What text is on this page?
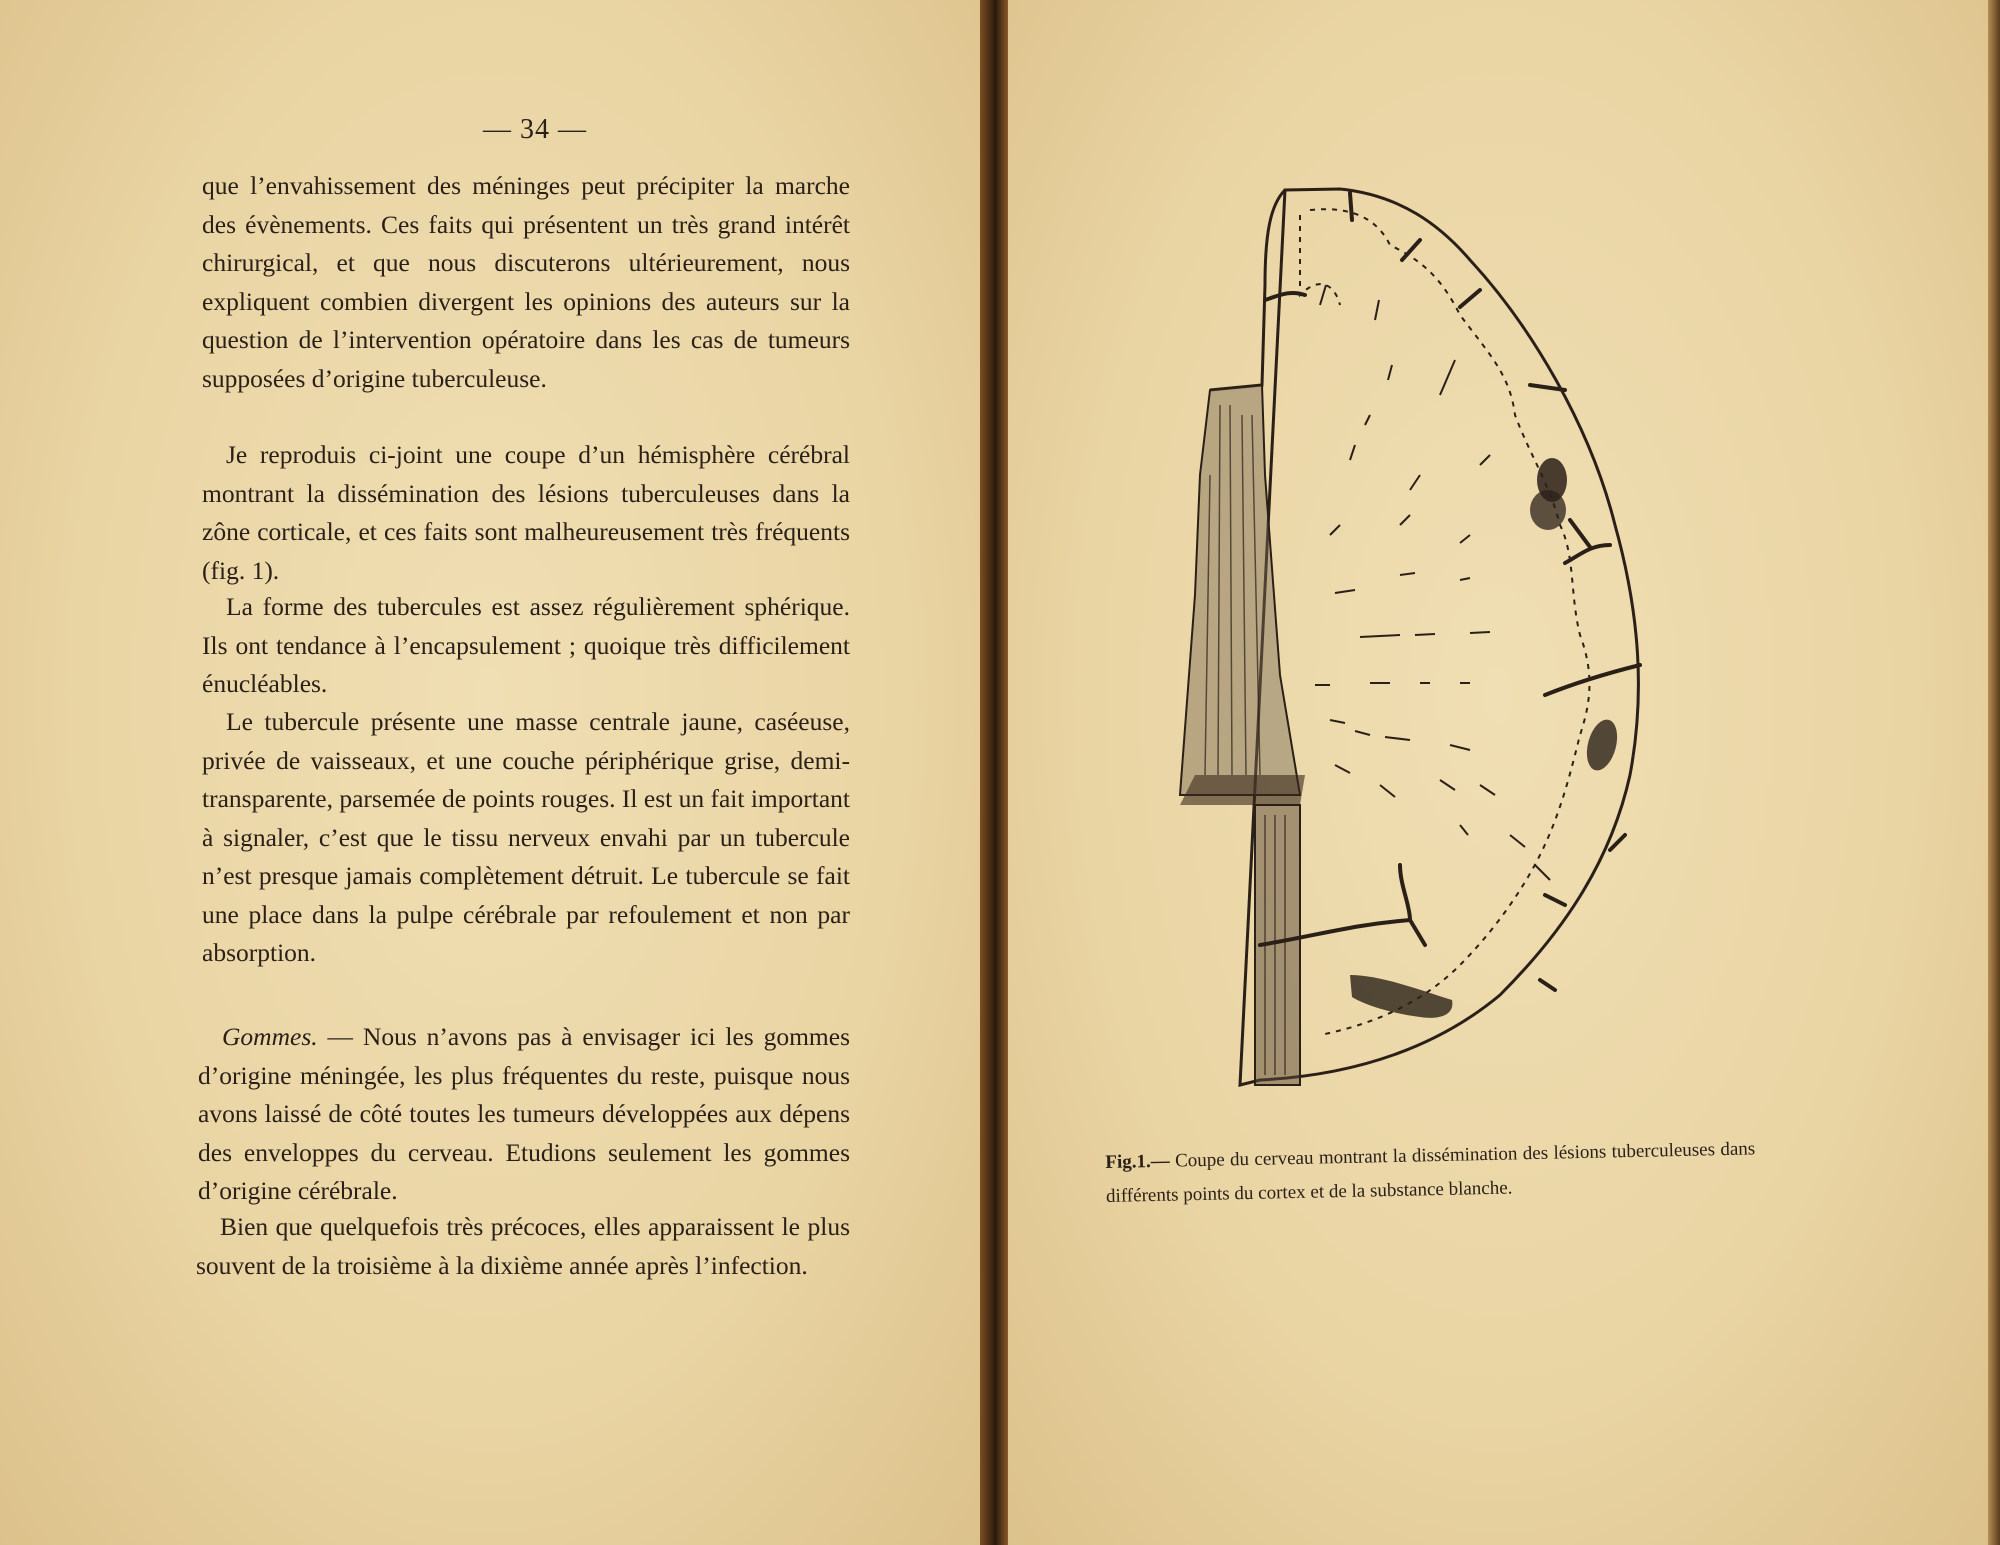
— 34 —

que l’envahissement des méninges peut précipiter la marche des évènements. Ces faits qui présentent un très grand intérêt chirurgical, et que nous discuterons ultérieurement, nous expliquent combien divergent les opinions des auteurs sur la question de l’intervention opératoire dans les cas de tumeurs supposées d’origine tuberculeuse.

Je reproduis ci-joint une coupe d’un hémisphère cérébral montrant la dissémination des lésions tuberculeuses dans la zône corticale, et ces faits sont malheureusement très fréquents (fig. 1).

La forme des tubercules est assez régulièrement sphérique. Ils ont tendance à l’encapsulement ; quoique très difficilement énucléables.

Le tubercule présente une masse centrale jaune, caséeuse, privée de vaisseaux, et une couche périphérique grise, demi-transparente, parsemée de points rouges. Il est un fait important à signaler, c’est que le tissu nerveux envahi par un tubercule n’est presque jamais complètement détruit. Le tubercule se fait une place dans la pulpe cérébrale par refoulement et non par absorption.

Gommes. — Nous n’avons pas à envisager ici les gommes d’origine méningée, les plus fréquentes du reste, puisque nous avons laissé de côté toutes les tumeurs développées aux dépens des enveloppes du cerveau. Etudions seulement les gommes d’origine cérébrale.

Bien que quelquefois très précoces, elles apparaissent le plus souvent de la troisième à la dixième année après l’infection.

Fig.1.— Coupe du cerveau montrant la dissémination des lésions tuberculeuses dans différents points du cortex et de la substance blanche.
